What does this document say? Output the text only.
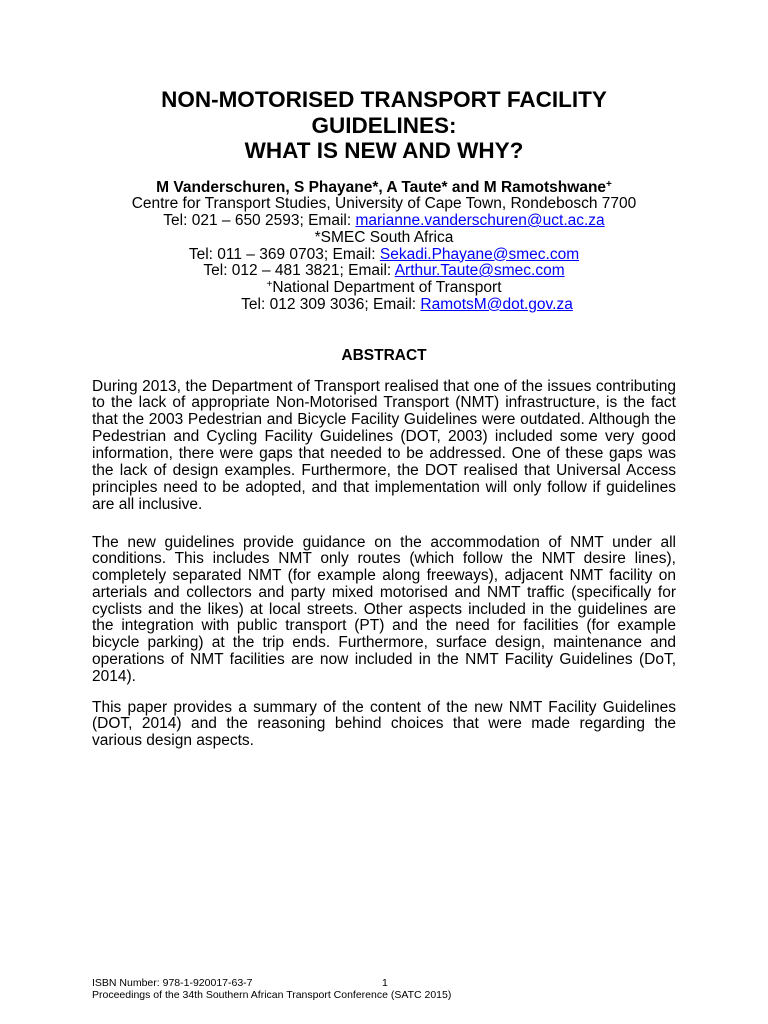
NON-MOTORISED TRANSPORT FACILITY
GUIDELINES:
WHAT IS NEW AND WHY?
M Vanderschuren, S Phayane*, A Taute* and M Ramotshwane+
Centre for Transport Studies, University of Cape Town, Rondebosch 7700
Tel: 021 – 650 2593; Email: marianne.vanderschuren@uct.ac.za
*SMEC South Africa
Tel: 011 – 369 0703; Email: Sekadi.Phayane@smec.com
Tel: 012 – 481 3821; Email: Arthur.Taute@smec.com
+National Department of Transport
Tel: 012 309 3036; Email: RamotsM@dot.gov.za
ABSTRACT
During 2013, the Department of Transport realised that one of the issues contributing
to the lack of appropriate Non-Motorised Transport (NMT) infrastructure, is the fact
that the 2003 Pedestrian and Bicycle Facility Guidelines were outdated. Although the
Pedestrian and Cycling Facility Guidelines (DOT, 2003) included some very good
information, there were gaps that needed to be addressed. One of these gaps was
the lack of design examples. Furthermore, the DOT realised that Universal Access
principles need to be adopted, and that implementation will only follow if guidelines
are all inclusive.
The new guidelines provide guidance on the accommodation of NMT under all
conditions. This includes NMT only routes (which follow the NMT desire lines),
completely separated NMT (for example along freeways), adjacent NMT facility on
arterials and collectors and party mixed motorised and NMT traffic (specifically for
cyclists and the likes) at local streets. Other aspects included in the guidelines are
the integration with public transport (PT) and the need for facilities (for example
bicycle parking) at the trip ends. Furthermore, surface design, maintenance and
operations of NMT facilities are now included in the NMT Facility Guidelines (DoT,
2014).
This paper provides a summary of the content of the new NMT Facility Guidelines
(DOT, 2014) and the reasoning behind choices that were made regarding the
various design aspects.
ISBN Number: 978-1-920017-63-7	1
Proceedings of the 34th Southern African Transport Conference (SATC 2015)
